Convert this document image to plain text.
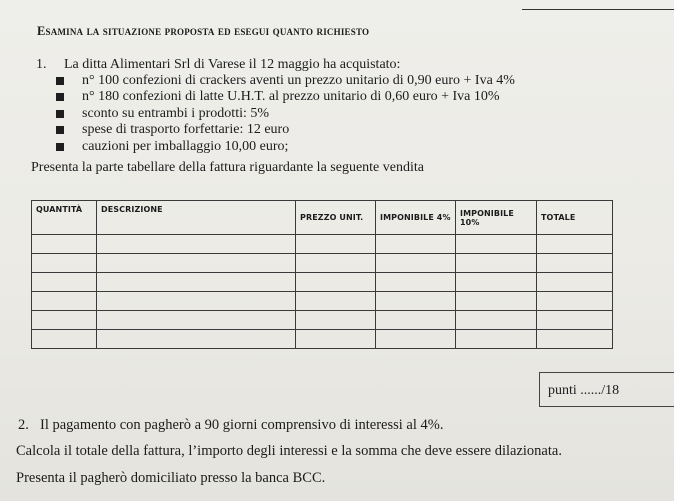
Esamina la situazione proposta ed esegui quanto richiesto
1. La ditta Alimentari Srl di Varese il 12 maggio ha acquistato:
n° 100 confezioni di crackers aventi un prezzo unitario di 0,90 euro + Iva 4%
n° 180 confezioni di latte U.H.T. al prezzo unitario di 0,60 euro + Iva 10%
sconto su entrambi i prodotti: 5%
spese di trasporto forfettarie: 12 euro
cauzioni per imballaggio 10,00 euro;
Presenta la parte tabellare della fattura riguardante la seguente vendita
QUANTITÀ	DESCRIZIONE	PREZZO UNIT.	IMPONIBILE 4%	IMPONIBILE 10%	TOTALE

punti ....../18
2. Il pagamento con pagherò a 90 giorni comprensivo di interessi al 4%.
Calcola il totale della fattura, l’importo degli interessi e la somma che deve essere dilazionata.
Presenta il pagherò domiciliato presso la banca BCC.
